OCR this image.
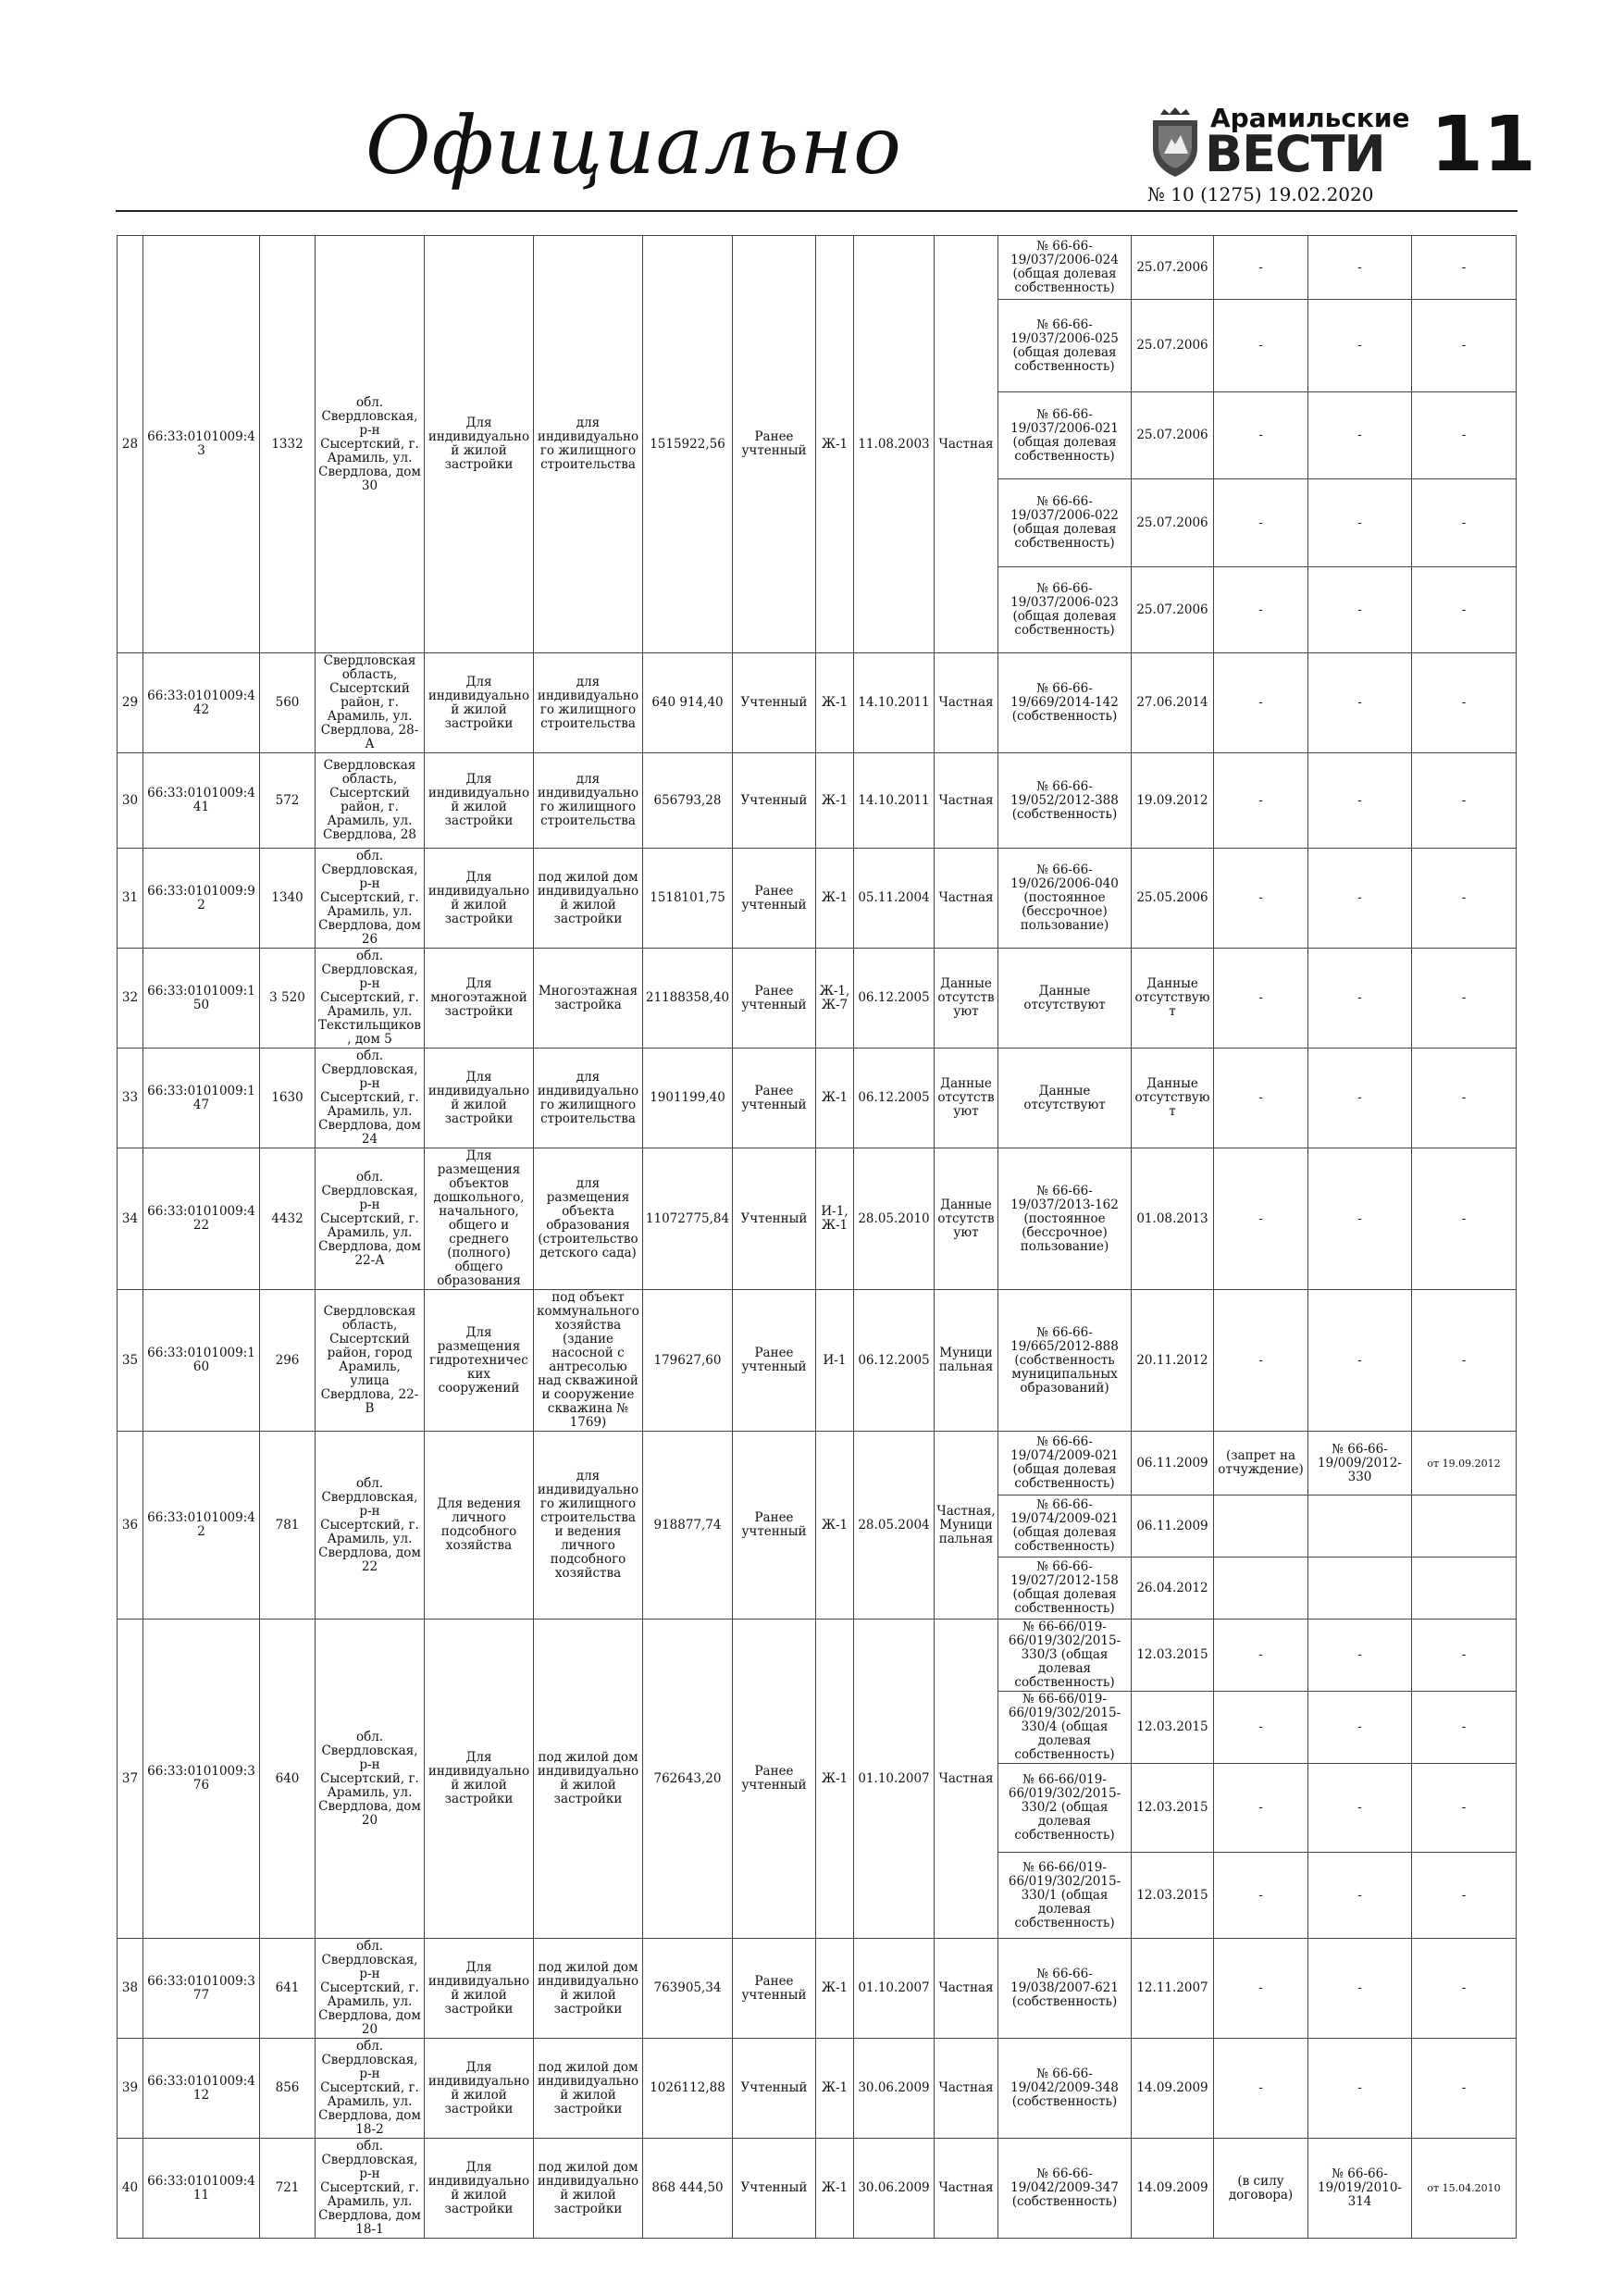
Официально	Арамильские
ВЕСТИ 11
№ 10 (1275) 19.02.2020
28	66:33:0101009:43	1332	обл. Свердловская, р-н Сысертский, г. Арамиль, ул. Свердлова, дом 30	Для индивидуальной жилой застройки	для индивидуального жилищного строительства	1515922,56	Ранее учтенный	Ж-1	11.08.2003	Частная	№ 66-66-19/037/2006-024 (общая долевая собственность)	25.07.2006	-	-	-
											№ 66-66-19/037/2006-025 (общая долевая собственность)	25.07.2006	-	-	-
											№ 66-66-19/037/2006-021 (общая долевая собственность)	25.07.2006	-	-	-
											№ 66-66-19/037/2006-022 (общая долевая собственность)	25.07.2006	-	-	-
											№ 66-66-19/037/2006-023 (общая долевая собственность)	25.07.2006	-	-	-
29	66:33:0101009:442	560	Свердловская область, Сысертский район, г. Арамиль, ул. Свердлова, 28-А	Для индивидуальной жилой застройки	для индивидуального жилищного строительства	640 914,40	Учтенный	Ж-1	14.10.2011	Частная	№ 66-66-19/669/2014-142 (собственность)	27.06.2014	-	-	-
30	66:33:0101009:441	572	Свердловская область, Сысертский район, г. Арамиль, ул. Свердлова, 28	Для индивидуальной жилой застройки	для индивидуального жилищного строительства	656793,28	Учтенный	Ж-1	14.10.2011	Частная	№ 66-66-19/052/2012-388 (собственность)	19.09.2012	-	-	-
31	66:33:0101009:92	1340	обл. Свердловская, р-н Сысертский, г. Арамиль, ул. Свердлова, дом 26	Для индивидуальной жилой застройки	под жилой дом индивидуальной жилой застройки	1518101,75	Ранее учтенный	Ж-1	05.11.2004	Частная	№ 66-66-19/026/2006-040 (постоянное (бессрочное) пользование)	25.05.2006	-	-	-
32	66:33:0101009:150	3 520	обл. Свердловская, р-н Сысертский, г. Арамиль, ул. Текстильщиков, дом 5	Для многоэтажной застройки	Многоэтажная застройка	21188358,40	Ранее учтенный	Ж-1, Ж-7	06.12.2005	Данные отсутствуют	Данные отсутствуют	Данные отсутствуют	-	-	-
33	66:33:0101009:147	1630	обл. Свердловская, р-н Сысертский, г. Арамиль, ул. Свердлова, дом 24	Для индивидуальной жилой застройки	для индивидуального жилищного строительства	1901199,40	Ранее учтенный	Ж-1	06.12.2005	Данные отсутствуют	Данные отсутствуют	Данные отсутствуют	-	-	-
34	66:33:0101009:422	4432	обл. Свердловская, р-н Сысертский, г. Арамиль, ул. Свердлова, дом 22-А	Для размещения объектов дошкольного, начального, общего и среднего (полного) общего образования	для размещения объекта образования (строительство детского сада)	11072775,84	Учтенный	И-1, Ж-1	28.05.2010	Данные отсутствуют	№ 66-66-19/037/2013-162 (постоянное (бессрочное) пользование)	01.08.2013	-	-	-
35	66:33:0101009:160	296	Свердловская область, Сысертский район, город Арамиль, улица Свердлова, 22-В	Для размещения гидротехнических сооружений	под объект коммунального хозяйства (здание насосной с антресолью над скважиной и сооружение скважина № 1769)	179627,60	Ранее учтенный	И-1	06.12.2005	Муниципальная	№ 66-66-19/665/2012-888 (собственность муниципальных образований)	20.11.2012	-	-	-
36	66:33:0101009:42	781	обл. Свердловская, р-н Сысертский, г. Арамиль, ул. Свердлова, дом 22	Для ведения личного подсобного хозяйства	для индивидуального жилищного строительства и ведения личного подсобного хозяйства	918877,74	Ранее учтенный	Ж-1	28.05.2004	Частная, Муниципальная	№ 66-66-19/074/2009-021 (общая долевая собственность)	06.11.2009	(запрет на отчуждение)	№ 66-66-19/009/2012-330	от 19.09.2012
											№ 66-66-19/074/2009-021 (общая долевая собственность)	06.11.2009			
											№ 66-66-19/027/2012-158 (общая долевая собственность)	26.04.2012			
37	66:33:0101009:376	640	обл. Свердловская, р-н Сысертский, г. Арамиль, ул. Свердлова, дом 20	Для индивидуальной жилой застройки	под жилой дом индивидуальной жилой застройки	762643,20	Ранее учтенный	Ж-1	01.10.2007	Частная	№ 66-66/019-66/019/302/2015-330/3 (общая долевая собственность)	12.03.2015	-	-	-
											№ 66-66/019-66/019/302/2015-330/4 (общая долевая собственность)	12.03.2015	-	-	-
											№ 66-66/019-66/019/302/2015-330/2 (общая долевая собственность)	12.03.2015	-	-	-
											№ 66-66/019-66/019/302/2015-330/1 (общая долевая собственность)	12.03.2015	-	-	-
38	66:33:0101009:377	641	обл. Свердловская, р-н Сысертский, г. Арамиль, ул. Свердлова, дом 20	Для индивидуальной жилой застройки	под жилой дом индивидуальной жилой застройки	763905,34	Ранее учтенный	Ж-1	01.10.2007	Частная	№ 66-66-19/038/2007-621 (собственность)	12.11.2007	-	-	-
39	66:33:0101009:412	856	обл. Свердловская, р-н Сысертский, г. Арамиль, ул. Свердлова, дом 18-2	Для индивидуальной жилой застройки	под жилой дом индивидуальной жилой застройки	1026112,88	Учтенный	Ж-1	30.06.2009	Частная	№ 66-66-19/042/2009-348 (собственность)	14.09.2009	-	-	-
40	66:33:0101009:411	721	обл. Свердловская, р-н Сысертский, г. Арамиль, ул. Свердлова, дом 18-1	Для индивидуальной жилой застройки	под жилой дом индивидуальной жилой застройки	868 444,50	Учтенный	Ж-1	30.06.2009	Частная	№ 66-66-19/042/2009-347 (собственность)	14.09.2009	(в силу договора)	№ 66-66-19/019/2010-314	от 15.04.2010
